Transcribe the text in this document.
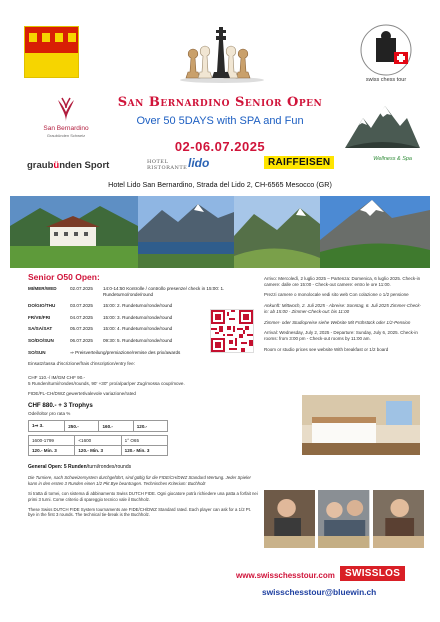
swiss chess tour
San Bernardino
Graubünden Schweiz
San Bernardino Senior Open
Over 50 5DAYS with SPA and Fun
02-06.07.2025
graubünden Sport	HOTEL
RISTORANTE lido	RAIFFEISEN	Wellness & Spa
Hotel Lido San Bernardino, Strada del Lido 2, CH-6565 Mesocco (GR)
Senior O50 Open:
MI/MER/WED	02.07.2025	14:0-14:50 Kontrolle / controllo presenze/ check in 15:00: 1. Rundeturno/ronde/round
DO/GIO/THU	03.07.2025	15:00: 2. Rundeturno/ronde/round
FR/VE/FRI	04.07.2025	15:00: 3. Rundeturno/ronde/round
SA/SA/SAT	05.07.2025	15:00: 4. Rundeturno/ronde/round
SO/DO/SUN	06.07.2025	09:30: 5. Rundeturno/ronde/round
SO/SUN	⇒ Preisverteilung/premiazione/remise des prix/awards
Einsatz/tassa d'iscrizione/frais d'inscription/entry fee:
CHF 110.-/ IM/GM CHF 90.-
5 Runden/turni/rondes/rounds, 90' +30'' pro/a/par/per Zug/mossa coup/move.
FIDE/FL-CH/DWZ gewertet/valevole variazione/rated
CHF 880.- + 3 Trophys
Odel/oltor pro rata %
1⇒ 3.	250.-	160.-	120.-
1600-1799	<1600	1° O65
120.- Min. 3	120.- Min. 3	120.- Min. 3
General Open: 5 Runden/turni/rondes/rounds
Die Turniere, nach Schweizersystem durchgeführt, sind gültig für die FIDE/CH/DWZ Standard Wertung. Jeder Spieler kann in den ersten 3 Runden einen 1/2 Pkt Bye beantragen. Technisches Kriterium: Buchholz
Si tratta di tornei, con sistema di abbinamento Swiss DUTCH FIDE. Ogni giocatore potrà richiedere una patta a forfait nei primi 3 turni. Come criterio di spareggio tecnico vale il Buchholz.
These Swiss DUTCH FIDE System tournaments are FIDE/CH/DWZ Standard rated. Each player can ask for a 1/2 Pt. bye in the first 3 rounds. The technical tie-break is the Buchholz.
Arrivo: Mercoledì, 2 luglio 2025 – Partenza: Domenica, 6 luglio 2025. Check-in camere: dalle ore 15:00 - Check-out camere: entro le ore 11:00.
Prezzi camere o monolocale vedi sito web Con colazione o 1/2 pensione
Ankunft: Mittwoch, 2. Juli 2025 - Abreise: Sonntag, 6. Juli 2025 Zimmer-Check-in: ab 15:00 - Zimmer-Check-out: bis 11:00
Zimmer- oder Studiopreise siehe Website Mit Frühstück oder 1/2-Pension
Arrival: Wednesday, July 2, 2025 - Departure: Sunday, July 6, 2025. Check-in rooms: from 3:00 pm - Check-out rooms by 11:00 am.
Room or studio prices see website With breakfast or 1/2 board
www.swisschesstour.com	SWISSLOS
swisschesstour@bluewin.ch
